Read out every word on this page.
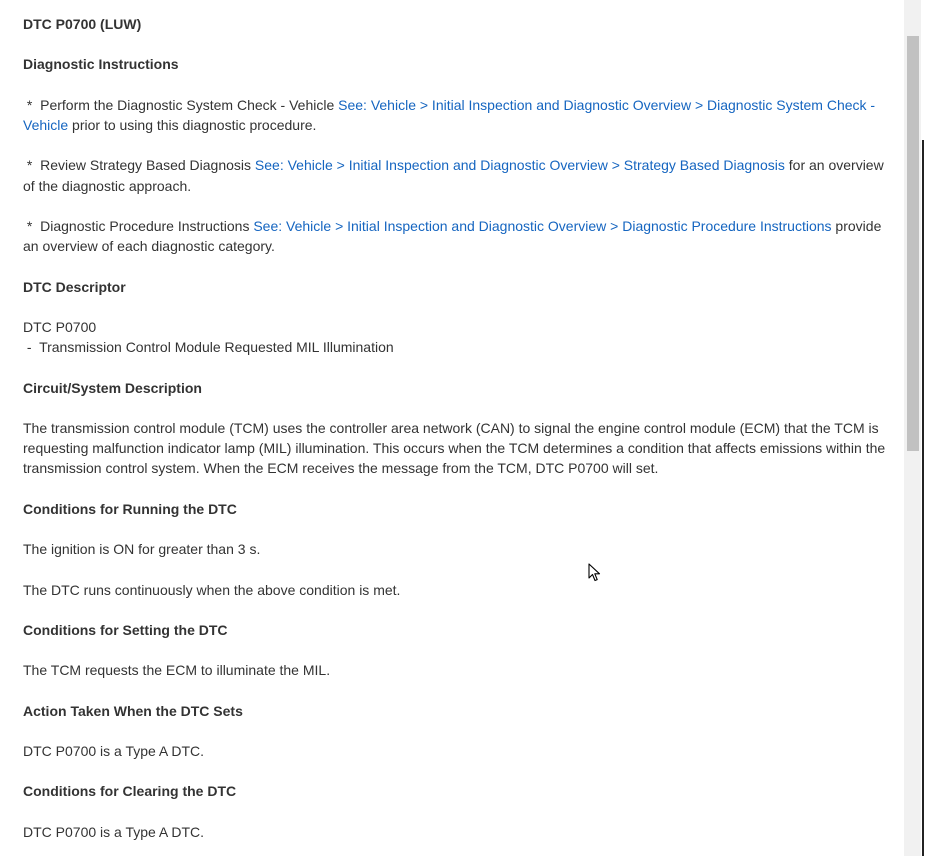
DTC P0700 (LUW)
Diagnostic Instructions

*  Perform the Diagnostic System Check - Vehicle See: Vehicle > Initial Inspection and Diagnostic Overview > Diagnostic System Check - Vehicle prior to using this diagnostic procedure.

*  Review Strategy Based Diagnosis See: Vehicle > Initial Inspection and Diagnostic Overview > Strategy Based Diagnosis for an overview of the diagnostic approach.

*  Diagnostic Procedure Instructions See: Vehicle > Initial Inspection and Diagnostic Overview > Diagnostic Procedure Instructions provide an overview of each diagnostic category.

DTC Descriptor

DTC P0700
-  Transmission Control Module Requested MIL Illumination

Circuit/System Description

The transmission control module (TCM) uses the controller area network (CAN) to signal the engine control module (ECM) that the TCM is requesting malfunction indicator lamp (MIL) illumination. This occurs when the TCM determines a condition that affects emissions within the transmission control system. When the ECM receives the message from the TCM, DTC P0700 will set.

Conditions for Running the DTC

The ignition is ON for greater than 3 s.

The DTC runs continuously when the above condition is met.

Conditions for Setting the DTC

The TCM requests the ECM to illuminate the MIL.

Action Taken When the DTC Sets

DTC P0700 is a Type A DTC.

Conditions for Clearing the DTC

DTC P0700 is a Type A DTC.
